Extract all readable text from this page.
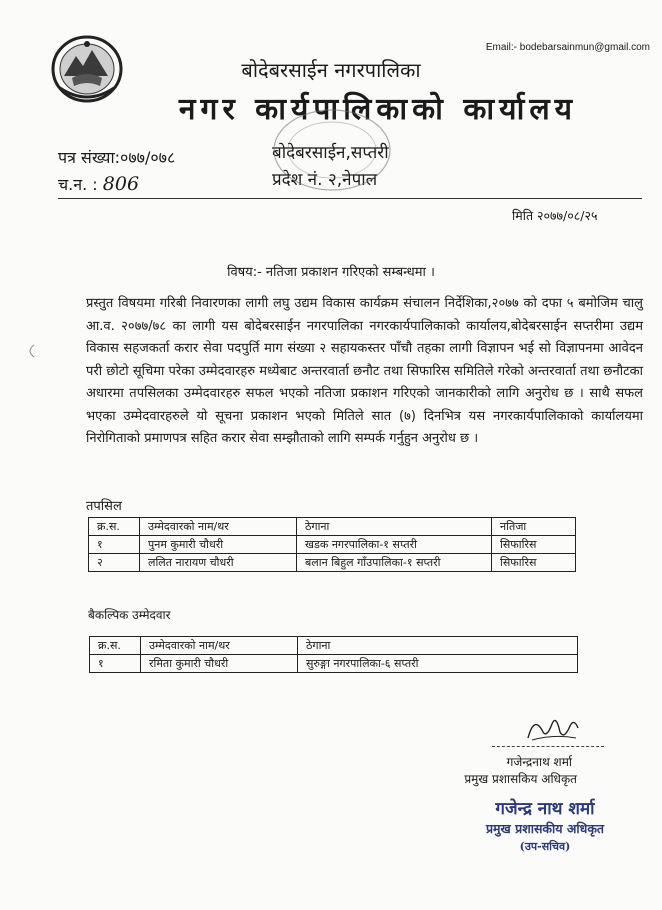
Email:- bodebarsainmun@gmail.com
बोदेबरसाईन नगरपालिका
नगर कार्यपालिकाको कार्यालय
पत्र संख्या:०७७/०७८
च.न. : 806
बोदेबरसाईन,सप्तरी
प्रदेश नं. २,नेपाल
मिति २०७७/०८/२५
विषय:- नतिजा प्रकाशन गरिएको सम्बन्धमा ।
प्रस्तुत विषयमा गरिबी निवारणका लागी लघु उद्यम विकास कार्यक्रम संचालन निर्देशिका,२०७७ को दफा ५ बमोजिम चालु आ.व. २०७७/७८ का लागी यस बोदेबरसाईन नगरपालिका नगरकार्यपालिकाको कार्यालय,बोदेबरसाईन सप्तरीमा उद्यम विकास सहजकर्ता करार सेवा पदपुर्ति माग संख्या २ सहायकस्तर पाँचौ तहका लागी विज्ञापन भई सो विज्ञापनमा आवेदन परी छोटो सूचिमा परेका उम्मेदवारहरु मध्येबाट अन्तरवार्ता छनौट तथा सिफारिस समितिले गरेको अन्तरवार्ता तथा छनौटका अधारमा तपसिलका उम्मेदवारहरु सफल भएको नतिजा प्रकाशन गरिएको जानकारीको लागि अनुरोध छ । साथै सफल भएका उम्मेदवारहरुले यो सूचना प्रकाशन भएको मितिले सात (७) दिनभित्र यस नगरकार्यपालिकाको कार्यालयमा निरोगिताको प्रमाणपत्र सहित करार सेवा सम्झौताको लागि सम्पर्क गर्नुहुन अनुरोध छ ।
तपसिल
क्र.स.	उम्मेदवारको नाम/थर	ठेगाना	नतिजा
१	पुनम कुमारी चौधरी	खडक नगरपालिका-१ सप्तरी	सिफारिस
२	ललित नारायण चौधरी	बलान बिहुल गाँउपालिका-१ सप्तरी	सिफारिस
बैकल्पिक उम्मेदवार
क्र.स.	उम्मेदवारको नाम/थर	ठेगाना
१	रमिता कुमारी चौधरी	सुरुङ्गा नगरपालिका-६ सप्तरी
गजेन्द्रनाथ शर्मा
प्रमुख प्रशासकिय अधिकृत
गजेन्द्र नाथ शर्मा
प्रमुख प्रशासकीय अधिकृत
(उप-सचिव)
